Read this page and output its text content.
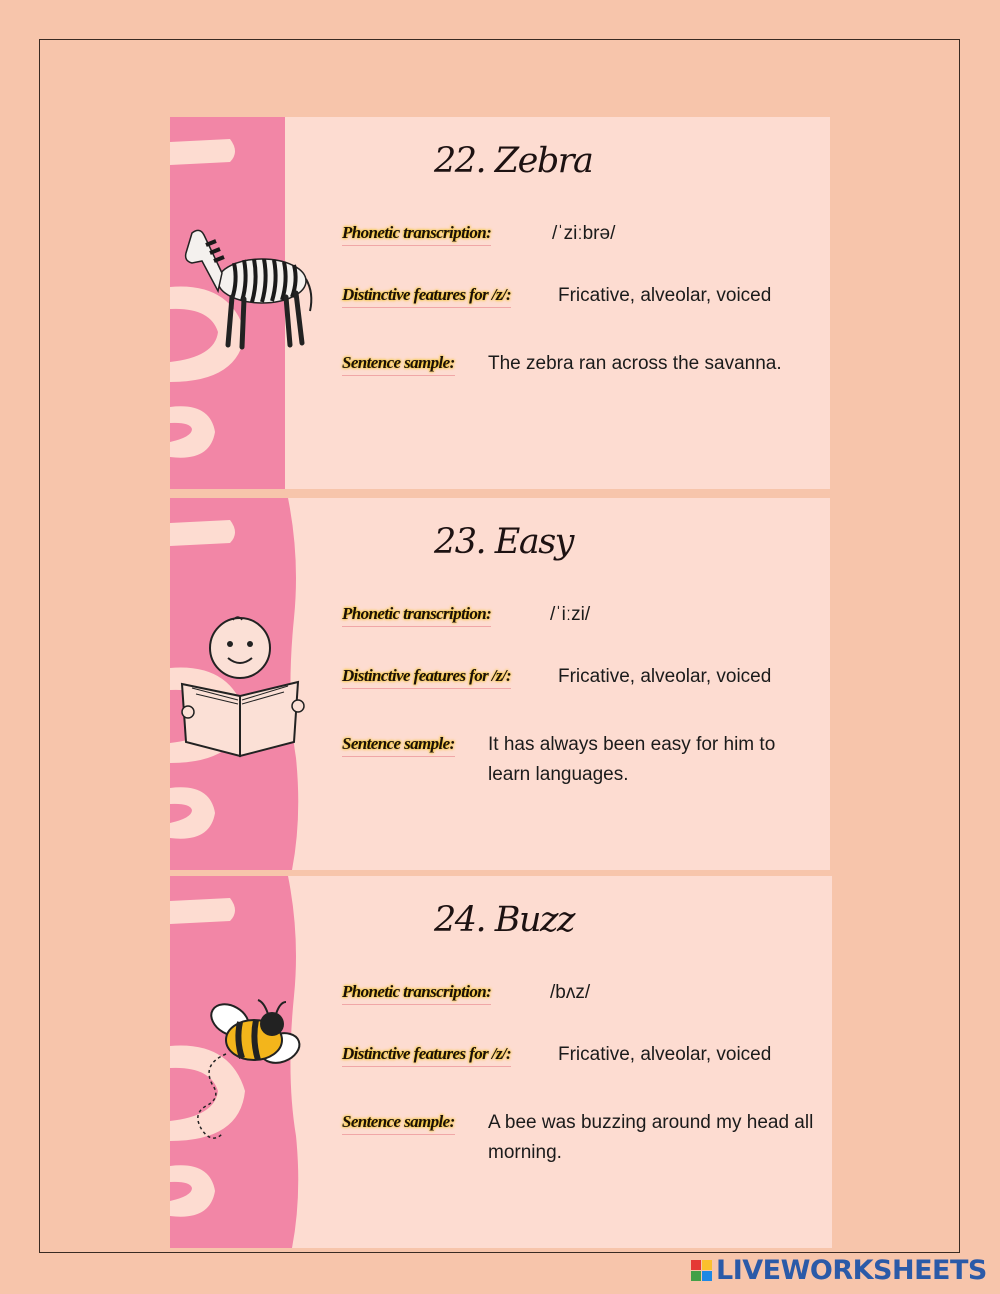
22. Zebra
Phonetic transcription:	/ˈziːbrə/
Distinctive features for /z/: Fricative, alveolar, voiced
Sentence sample: The zebra ran across the savanna.
23. Easy
Phonetic transcription:	/ˈiːzi/
Distinctive features for /z/: Fricative, alveolar, voiced
Sentence sample: It has always been easy for him to learn languages.
24. Buzz
Phonetic transcription:	/bʌz/
Distinctive features for /z/: Fricative, alveolar, voiced
Sentence sample: A bee was buzzing around my head all morning.
LIVEWORKSHEETS
